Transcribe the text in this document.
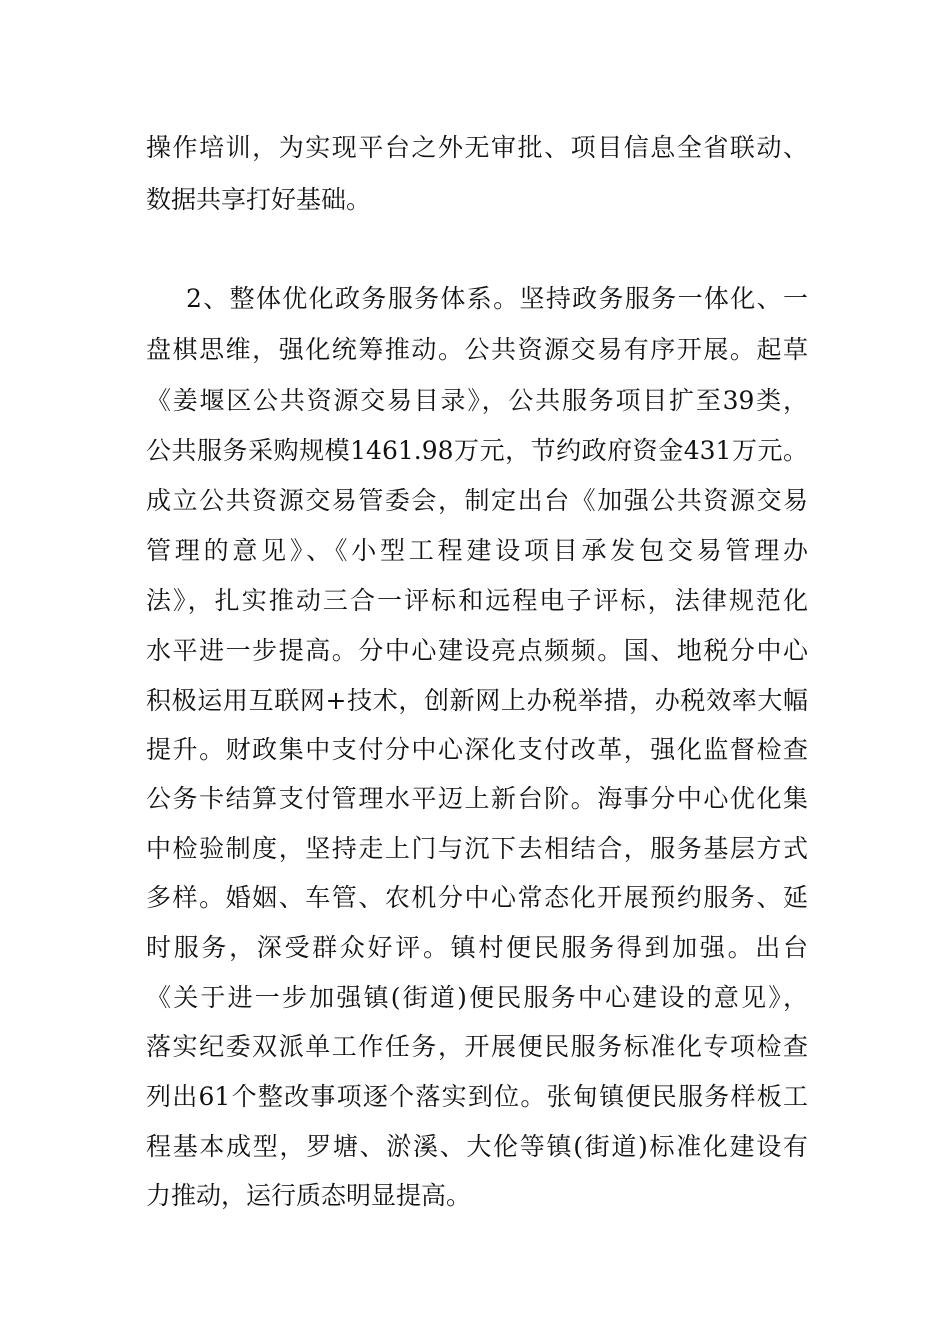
操作培训，为实现平台之外无审批、项目信息全省联动、
数据共享打好基础。
2、整体优化政务服务体系。坚持政务服务一体化、一
盘棋思维，强化统筹推动。公共资源交易有序开展。起草
《姜堰区公共资源交易目录》，公共服务项目扩至39类，
公共服务采购规模1461.98万元，节约政府资金431万元。
成立公共资源交易管委会，制定出台《加强公共资源交易
管理的意见》、《小型工程建设项目承发包交易管理办
法》，扎实推动三合一评标和远程电子评标，法律规范化
水平进一步提高。分中心建设亮点频频。国、地税分中心
积极运用互联网+技术，创新网上办税举措，办税效率大幅
提升。财政集中支付分中心深化支付改革，强化监督检查
公务卡结算支付管理水平迈上新台阶。海事分中心优化集
中检验制度，坚持走上门与沉下去相结合，服务基层方式
多样。婚姻、车管、农机分中心常态化开展预约服务、延
时服务，深受群众好评。镇村便民服务得到加强。出台
《关于进一步加强镇(街道)便民服务中心建设的意见》，
落实纪委双派单工作任务，开展便民服务标准化专项检查
列出61个整改事项逐个落实到位。张甸镇便民服务样板工
程基本成型，罗塘、淤溪、大伦等镇(街道)标准化建设有
力推动，运行质态明显提高。
